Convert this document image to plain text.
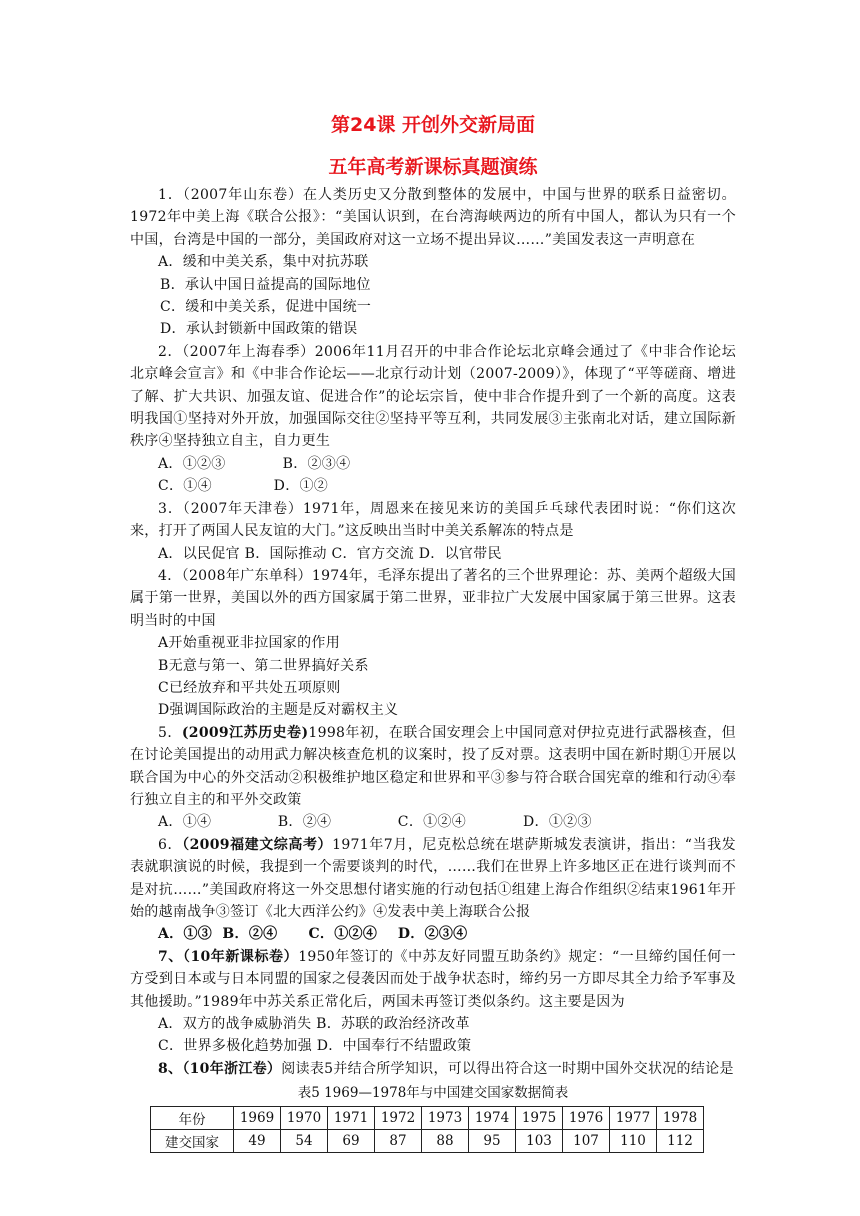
第24课 开创外交新局面
五年高考新课标真题演练

1．（2007年山东卷）在人类历史又分散到整体的发展中，中国与世界的联系日益密切。1972年中美上海《联合公报》：“美国认识到，在台湾海峡两边的所有中国人，都认为只有一个中国，台湾是中国的一部分，美国政府对这一立场不提出异议……”美国发表这一声明意在

A．缓和中美关系，集中对抗苏联

B．承认中国日益提高的国际地位

C．缓和中美关系，促进中国统一

D．承认封锁新中国政策的错误

2．（2007年上海春季）2006年11月召开的中非合作论坛北京峰会通过了《中非合作论坛北京峰会宣言》和《中非合作论坛——北京行动计划（2007-2009）》，体现了“平等磋商、增进了解、扩大共识、加强友谊、促进合作”的论坛宗旨，使中非合作提升到了一个新的高度。这表明我国①坚持对外开放，加强国际交往②坚持平等互利，共同发展③主张南北对话，建立国际新秩序④坚持独立自主，自力更生

A．①②③            B．②③④

C．①④             D．①②

3．（2007年天津卷）1971年，周恩来在接见来访的美国乒乓球代表团时说：“你们这次来，打开了两国人民友谊的大门。”这反映出当时中美关系解冻的特点是

A．以民促官 B．国际推动 C．官方交流 D．以官带民

4．（2008年广东单科）1974年，毛泽东提出了著名的三个世界理论：苏、美两个超级大国属于第一世界，美国以外的西方国家属于第二世界，亚非拉广大发展中国家属于第三世界。这表明当时的中国

A开始重视亚非拉国家的作用

B无意与第一、第二世界搞好关系

C已经放弃和平共处五项原则

D强调国际政治的主题是反对霸权主义

5．(2009江苏历史卷)1998年初，在联合国安理会上中国同意对伊拉克进行武器核查，但在讨论美国提出的动用武力解决核查危机的议案时，投了反对票。这表明中国在新时期①开展以联合国为中心的外交活动②积极维护地区稳定和世界和平③参与符合联合国宪章的维和行动④奉行独立自主的和平外交政策

A．①④              B．②④              C．①②④            D．①②③

6．（2009福建文综高考）1971年7月，尼克松总统在堪萨斯城发表演讲，指出：“当我发表就职演说的时候，我提到一个需要谈判的时代，……我们在世界上许多地区正在进行谈判而不是对抗……”美国政府将这一外交思想付诸实施的行动包括①组建上海合作组织②结束1961年开始的越南战争③签订《北大西洋公约》④发表中美上海联合公报

A．①③  B．②④      C．①②④    D．②③④

7、（10年新课标卷）1950年签订的《中苏友好同盟互助条约》规定：“一旦缔约国任何一方受到日本或与日本同盟的国家之侵袭因而处于战争状态时，缔约另一方即尽其全力给予军事及其他援助。”1989年中苏关系正常化后，两国未再签订类似条约。这主要是因为

A．双方的战争威胁消失 B．苏联的政治经济改革

C．世界多极化趋势加强 D．中国奉行不结盟政策

8、（10年浙江卷）阅读表5并结合所学知识，可以得出符合这一时期中国外交状况的结论是

表5 1969—1978年与中国建交国家数据简表
年份	1969	1970	1971	1972	1973	1974	1975	1976	1977	1978
建交国家	49	54	69	87	88	95	103	107	110	112
